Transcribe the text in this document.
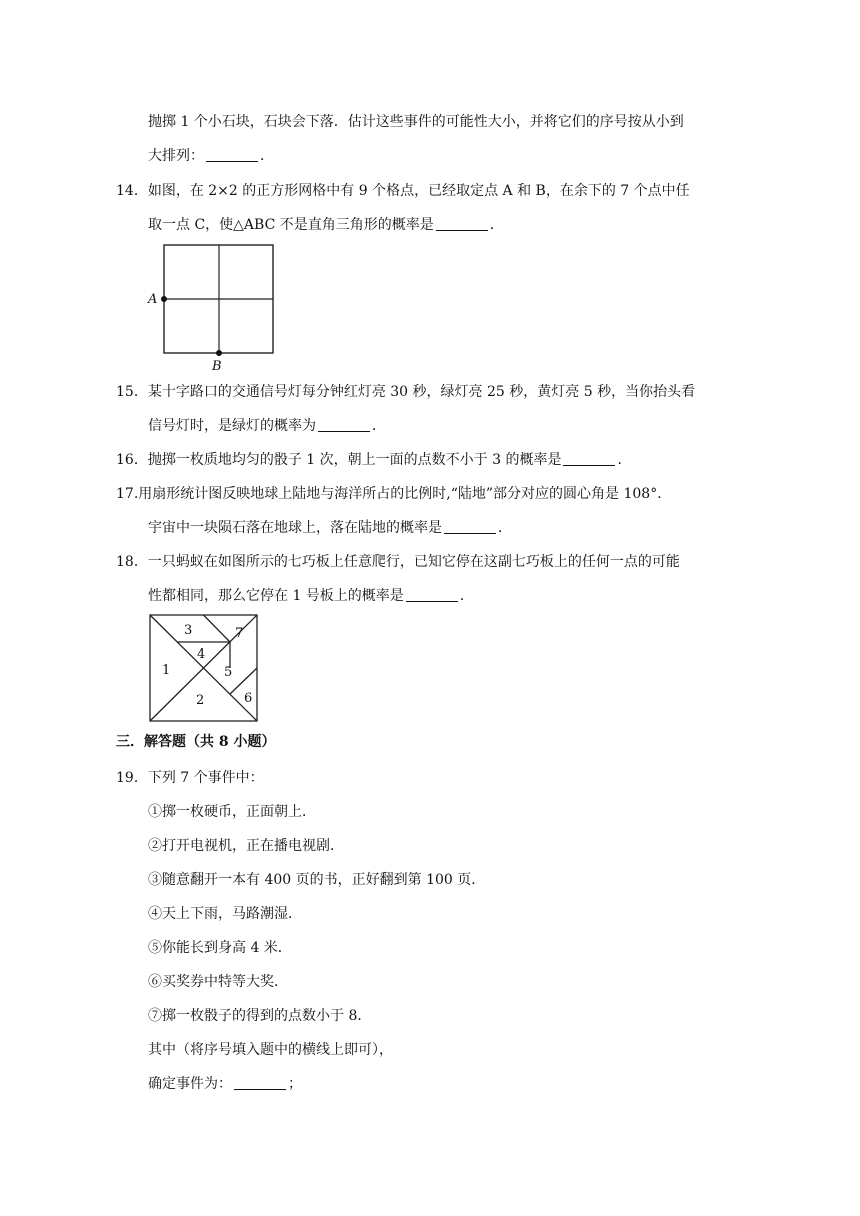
抛掷 1 个小石块，石块会下落．估计这些事件的可能性大小，并将它们的序号按从小到
大排列：	．
14．如图，在 2×2 的正方形网格中有 9 个格点，已经取定点 A 和 B，在余下的 7 个点中任
取一点 C，使△ABC 不是直角三角形的概率是	．
A
B
15．某十字路口的交通信号灯每分钟红灯亮 30 秒，绿灯亮 25 秒，黄灯亮 5 秒，当你抬头看
信号灯时，是绿灯的概率为	．
16．抛掷一枚质地均匀的骰子 1 次，朝上一面的点数不小于 3 的概率是	．
17.用扇形统计图反映地球上陆地与海洋所占的比例时,“陆地”部分对应的圆心角是 108°．
宇宙中一块陨石落在地球上，落在陆地的概率是	．
18．一只蚂蚁在如图所示的七巧板上任意爬行，已知它停在这副七巧板上的任何一点的可能
性都相同，那么它停在 1 号板上的概率是	．
3	7
4
1	5
6
2
三．解答题（共 8 小题）
19．下列 7 个事件中：
①掷一枚硬币，正面朝上．
②打开电视机，正在播电视剧．
③随意翻开一本有 400 页的书，正好翻到第 100 页．
④天上下雨，马路潮湿．
⑤你能长到身高 4 米．
⑥买奖券中特等大奖．
⑦掷一枚骰子的得到的点数小于 8．
其中（将序号填入题中的横线上即可），
确定事件为：	；
